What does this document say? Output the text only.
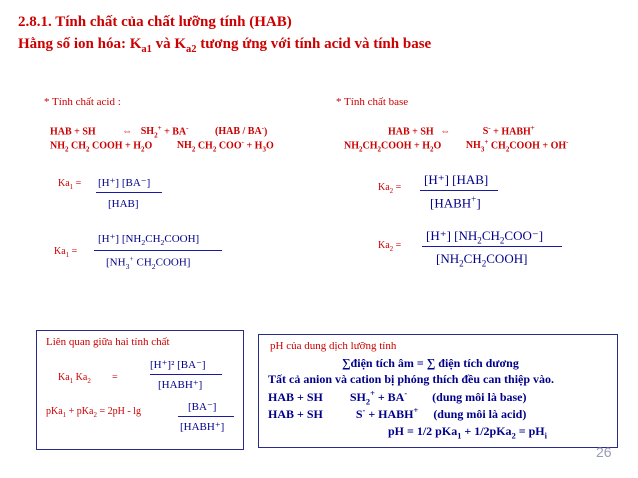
2.8.1. Tính chất của chất lưỡng tính (HAB)
Hằng số ion hóa: $K_{a1}$ và $K_{a2}$ tương ứng với tính acid và tính base
* Tính chất acid :
HAB + SH	⇔ $SH_2^+ + BA^-$	(HAB / BA-)
$NH_2$ $CH_2$ COOH + $H_2O$ $NH_2$ $CH_2$ $COO^- + H_3O$
$Ka_1 = [H^+]$ [BA⁻]
[HAB]
$Ka_1$ =
[H⁺] $[NH_2CH_2COOH]$
[$NH_3^+$ $CH_2COOH$]
* Tính chất base
HAB + SH ⇔	S- + HABH+
$NH_2CH_2COOH + H_2O$ $NH_3^+$ $CH_2COOH + OH^-$
$Ka_2$ =
[H⁺] [HAB]
[HABH+]
$Ka_2$ =
[H⁺] $[NH_2CH_2COO^-]$
$[NH_2CH_2COOH]$
Liên quan giữa hai tính chất
$Ka_1$ $Ka_2$ =
[H⁺]² [BA⁻]
[HABH⁺]
pKa$_1$ + pKa$_2$ = 2pH - lg	[BA⁻]
[HABH⁺]
pH của dung dịch lưỡng tính
∑điện tích âm = ∑ điện tích dương
Tất cả anion và cation bị phóng thích đều can thiệp vào.
HAB + SH $SH_2^+ + BA^-$ (dung môi là base)
HAB + SH	S- + HABH+ (dung môi là acid)
pH = 1/2 $pKa_1 + 1/2pKa_2 = pH_i$
26
